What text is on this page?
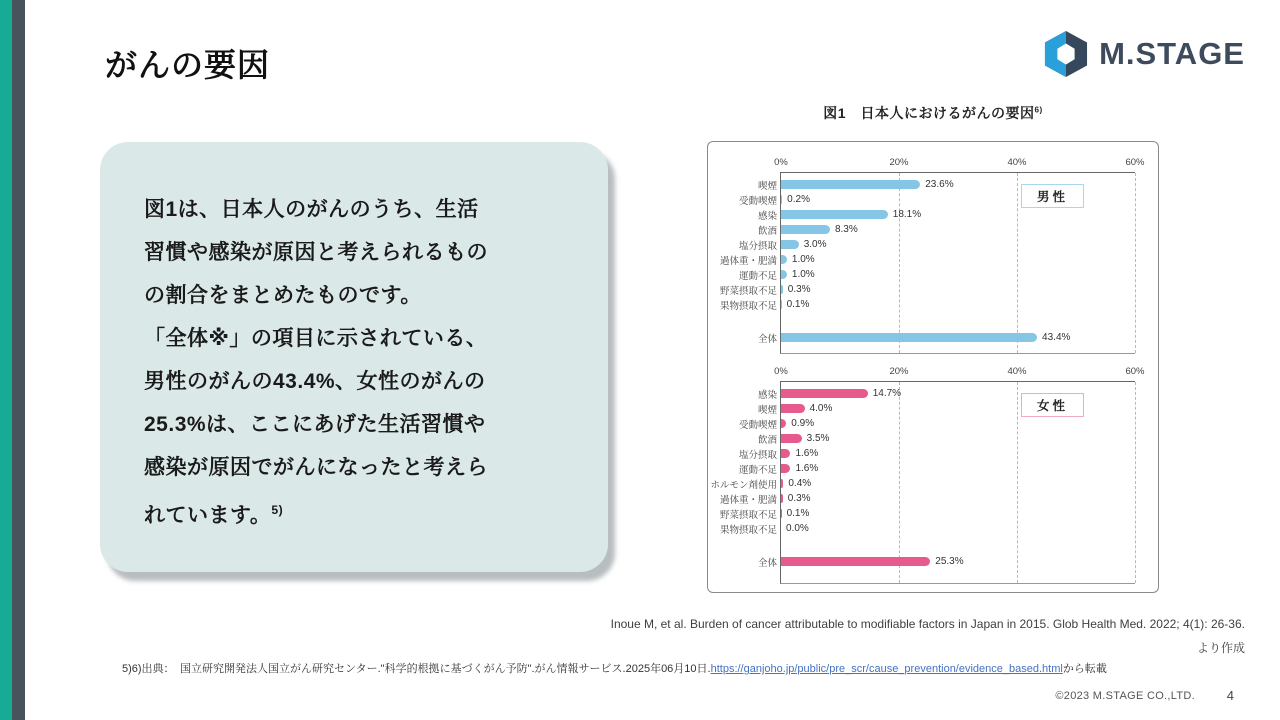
がんの要因	M.STAGE
図1は、日本人のがんのうち、生活
習慣や感染が原因と考えられるもの
の割合をまとめたものです。
「全体※」の項目に示されている、
男性のがんの43.4%、女性のがんの
25.3%は、ここにあげた生活習慣や
感染が原因でがんになったと考えら
れています。$^{5)}$
図1　日本人におけるがんの要因$^{6)}$
0%	20%	40%	60%
男性
喫煙	23.6%
受動喫煙 0.2%
感染	18.1%
飲酒	8.3%
塩分摂取	3.0%
過体重・肥満 1.0%
運動不足 1.0%
野菜摂取不足 0.3%
果物摂取不足 0.1%
全体	43.4%
0%	20%	40%	60%
女性
感染	14.7%
喫煙	4.0%
受動喫煙 0.9%
飲酒	3.5%
塩分摂取 1.6%
運動不足 1.6%
ホルモン剤使用 0.4%
過体重・肥満 0.3%
野菜摂取不足 0.1%
果物摂取不足 0.0%
全体	25.3%
Inoue M, et al. Burden of cancer attributable to modifiable factors in Japan in 2015. Glob Health Med. 2022; 4(1): 26-36.
より作成
5)6)出典：　国立研究開発法人国立がん研究センター."科学的根拠に基づくがん予防".がん情報サービス.2025年06月10日.https://ganjoho.jp/public/pre_scr/cause_prevention/evidence_based.htmlから転載
©2023 M.STAGE CO.,LTD. 4
